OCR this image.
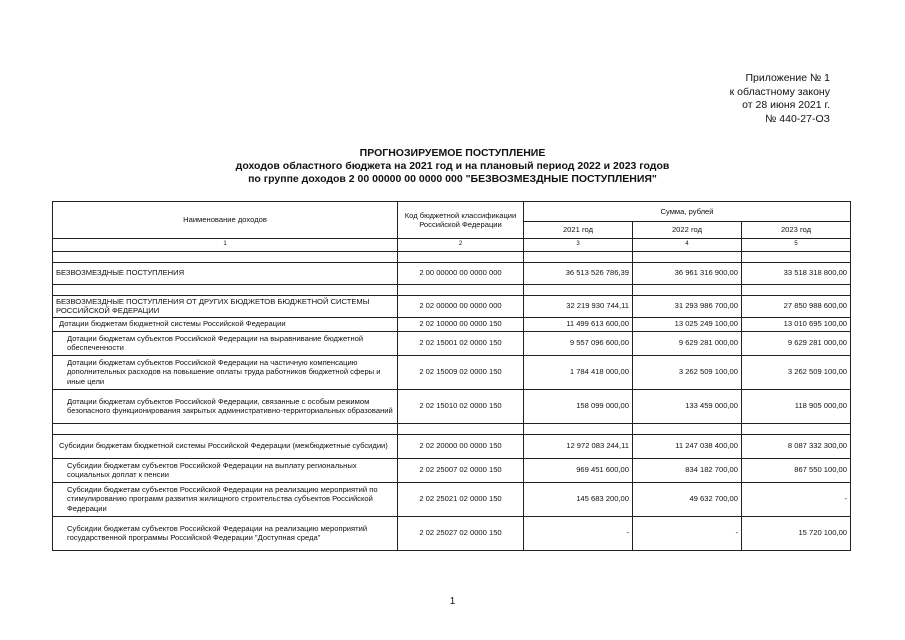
Приложение № 1
к областному закону
от 28 июня 2021 г.
№ 440-27-ОЗ
ПРОГНОЗИРУЕМОЕ ПОСТУПЛЕНИЕ
доходов областного бюджета на 2021 год и на плановый период 2022 и 2023 годов
по группе доходов 2 00 00000 00 0000 000 "БЕЗВОЗМЕЗДНЫЕ ПОСТУПЛЕНИЯ"
Наименование доходов	Код бюджетной классификации Российской Федерации	Сумма, рублей		
		2021 год	2022 год	2023 год
1	2	3	4	5

БЕЗВОЗМЕЗДНЫЕ ПОСТУПЛЕНИЯ	2 00 00000 00 0000 000	36 513 526 786,39	36 961 316 900,00	33 518 318 800,00

БЕЗВОЗМЕЗДНЫЕ ПОСТУПЛЕНИЯ ОТ ДРУГИХ БЮДЖЕТОВ БЮДЖЕТНОЙ СИСТЕМЫ РОССИЙСКОЙ ФЕДЕРАЦИИ	2 02 00000 00 0000 000	32 219 930 744,11	31 293 986 700,00	27 850 988 600,00
Дотации бюджетам бюджетной системы Российской Федерации	2 02 10000 00 0000 150	11 499 613 600,00	13 025 249 100,00	13 010 695 100,00
Дотации бюджетам субъектов Российской Федерации на выравнивание бюджетной обеспеченности	2 02 15001 02 0000 150	9 557 096 600,00	9 629 281 000,00	9 629 281 000,00
Дотации бюджетам субъектов Российской Федерации на частичную компенсацию дополнительных расходов на повышение оплаты труда работников бюджетной сферы и иные цели	2 02 15009 02 0000 150	1 784 418 000,00	3 262 509 100,00	3 262 509 100,00
Дотации бюджетам субъектов Российской Федерации, связанные с особым режимом безопасного функционирования закрытых административно-территориальных образований	2 02 15010 02 0000 150	158 099 000,00	133 459 000,00	118 905 000,00

Субсидии бюджетам бюджетной системы Российской Федерации (межбюджетные субсидии)	2 02 20000 00 0000 150	12 972 083 244,11	11 247 038 400,00	8 087 332 300,00
Субсидии бюджетам субъектов Российской Федерации на выплату региональных социальных доплат к пенсии	2 02 25007 02 0000 150	969 451 600,00	834 182 700,00	867 550 100,00
Субсидии бюджетам субъектов Российской Федерации на реализацию мероприятий по стимулированию программ развития жилищного строительства субъектов Российской Федерации	2 02 25021 02 0000 150	145 683 200,00	49 632 700,00	-
Субсидии бюджетам субъектов Российской Федерации на реализацию мероприятий государственной программы Российской Федерации "Доступная среда"	2 02 25027 02 0000 150	-	-	15 720 100,00
1
